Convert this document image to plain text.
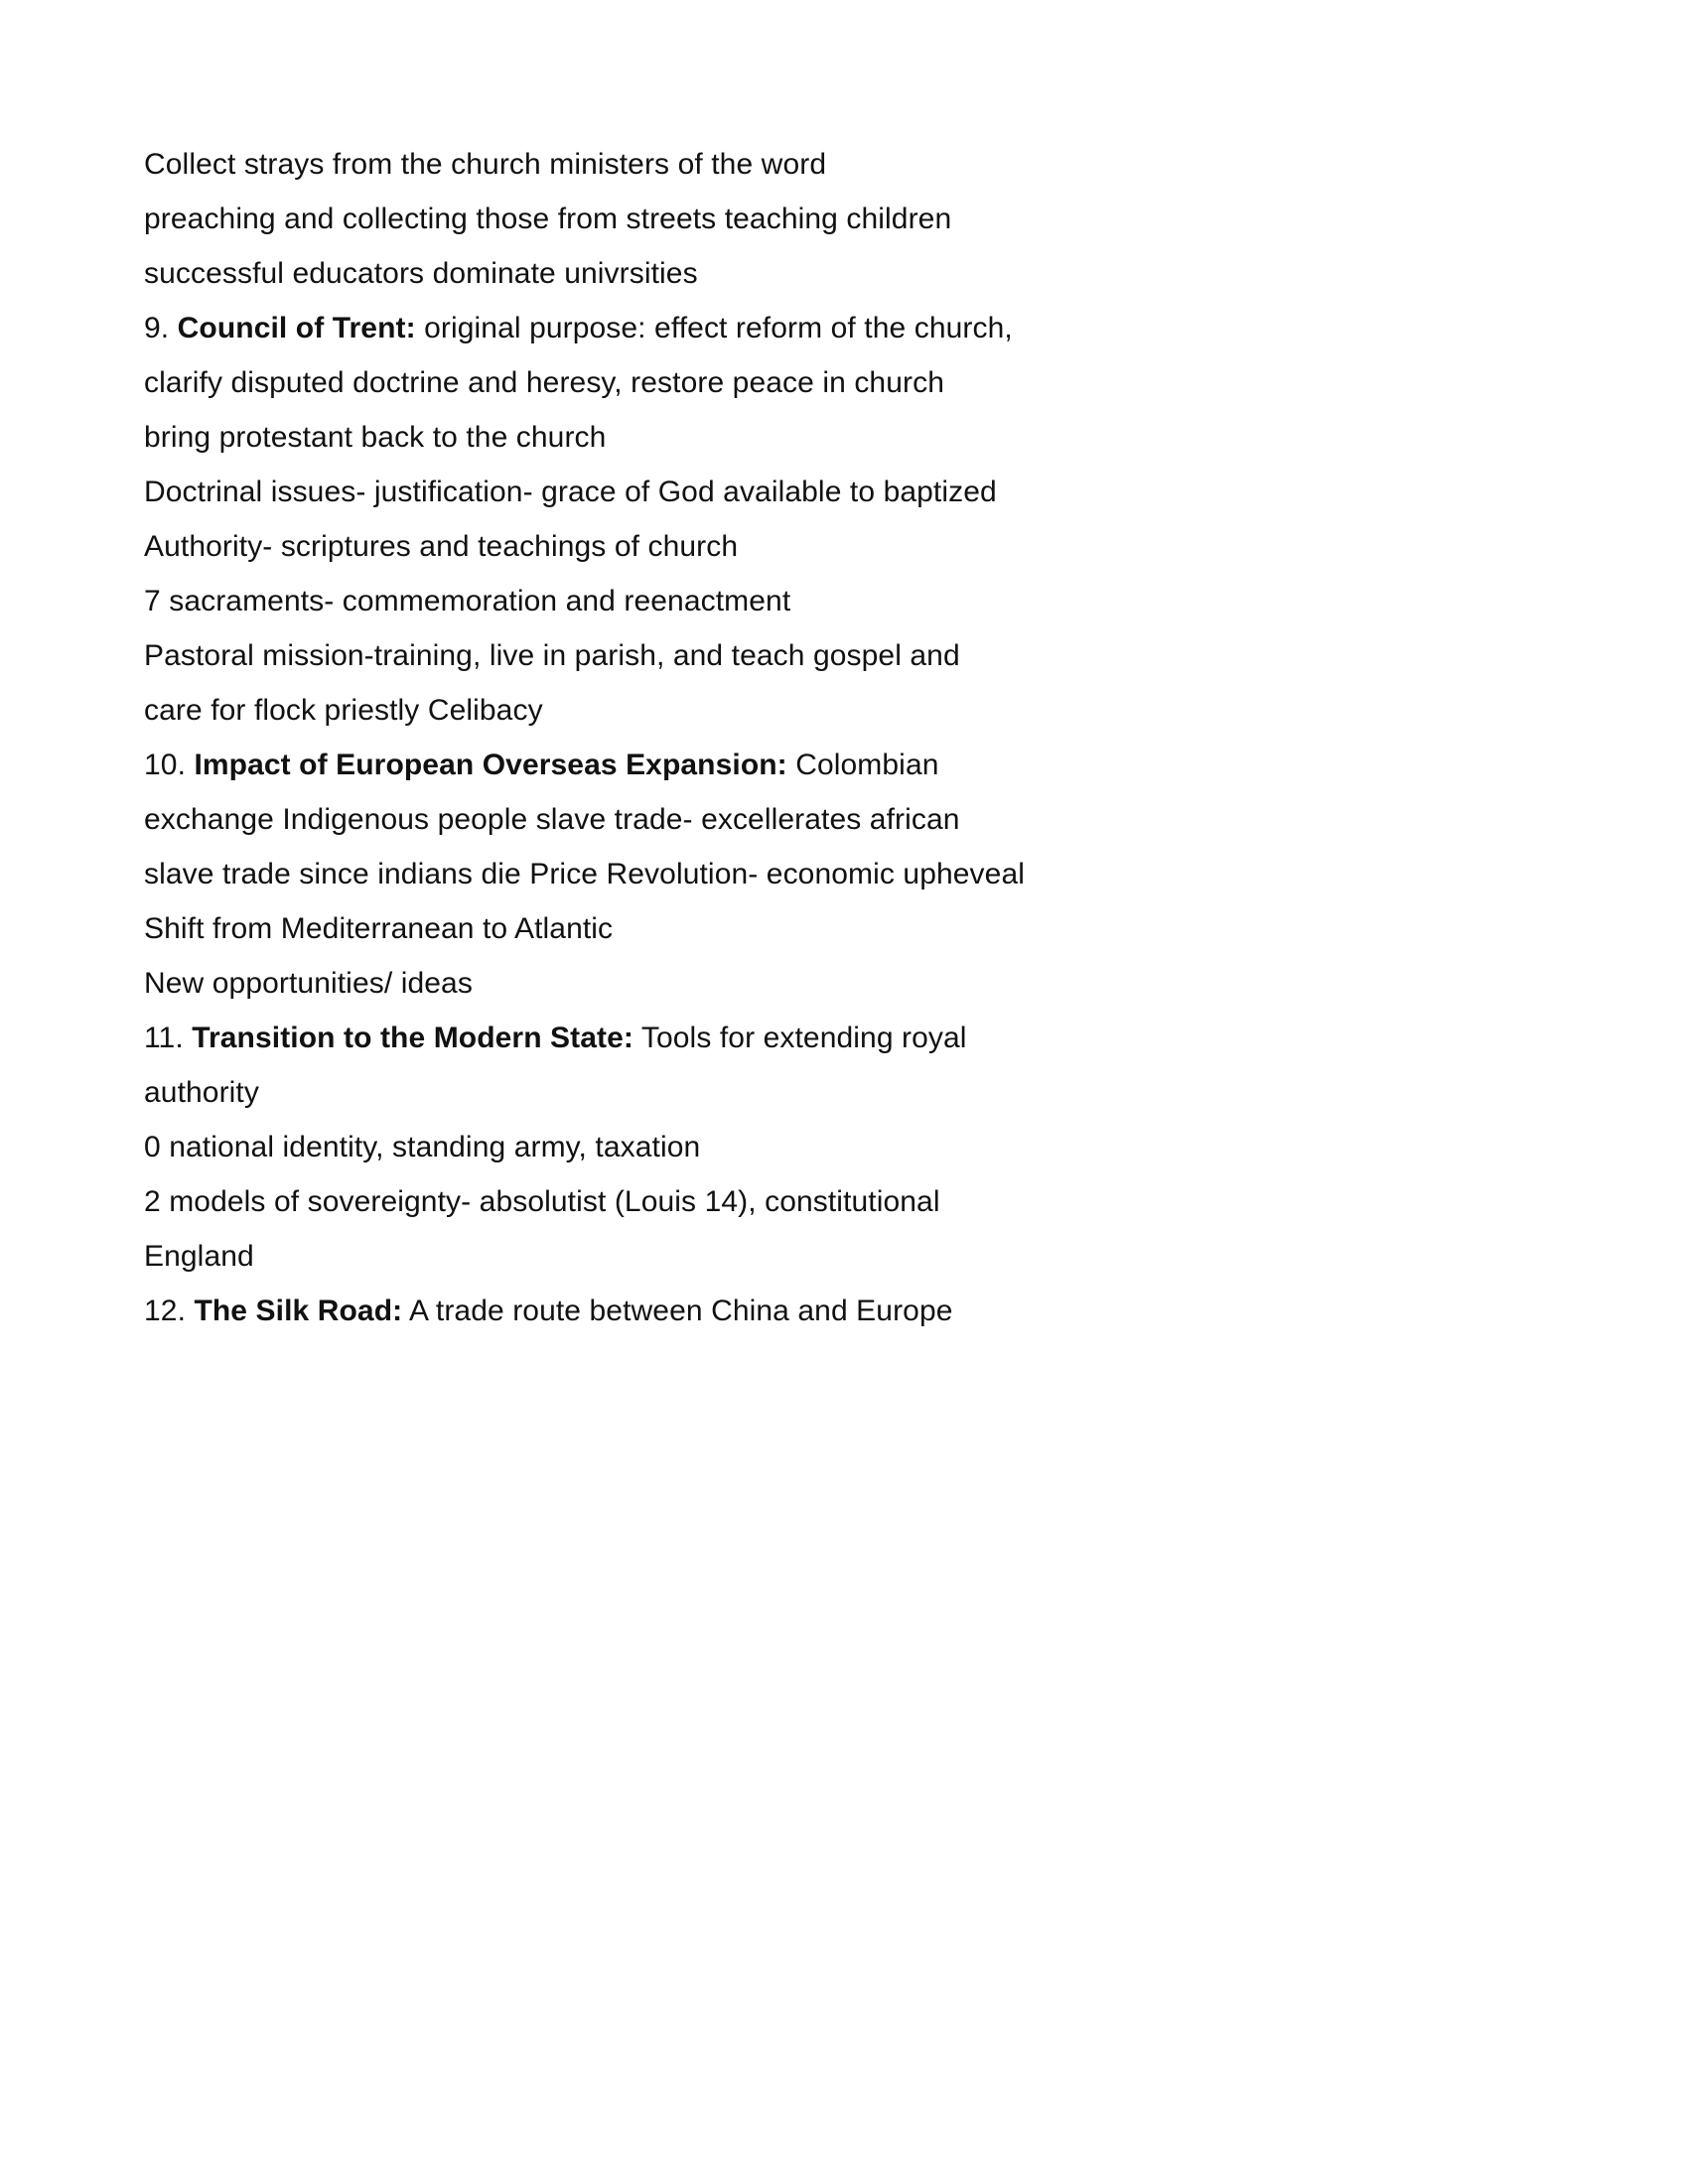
Collect strays from the church ministers of the word
preaching and collecting those from streets teaching children
successful educators dominate univrsities
9. Council of Trent: original purpose: effect reform of the church,
clarify disputed doctrine and heresy, restore peace in church
bring protestant back to the church
Doctrinal issues- justification- grace of God available to baptized
Authority- scriptures and teachings of church
7 sacraments- commemoration and reenactment
Pastoral mission-training, live in parish, and teach gospel and
care for flock priestly Celibacy
10. Impact of European Overseas Expansion: Colombian
exchange Indigenous people slave trade- excellerates african
slave trade since indians die Price Revolution- economic upheveal
Shift from Mediterranean to Atlantic
New opportunities/ ideas
11. Transition to the Modern State: Tools for extending royal
authority
0 national identity, standing army, taxation
2 models of sovereignty- absolutist (Louis 14), constitutional
England
12. The Silk Road: A trade route between China and Europe
